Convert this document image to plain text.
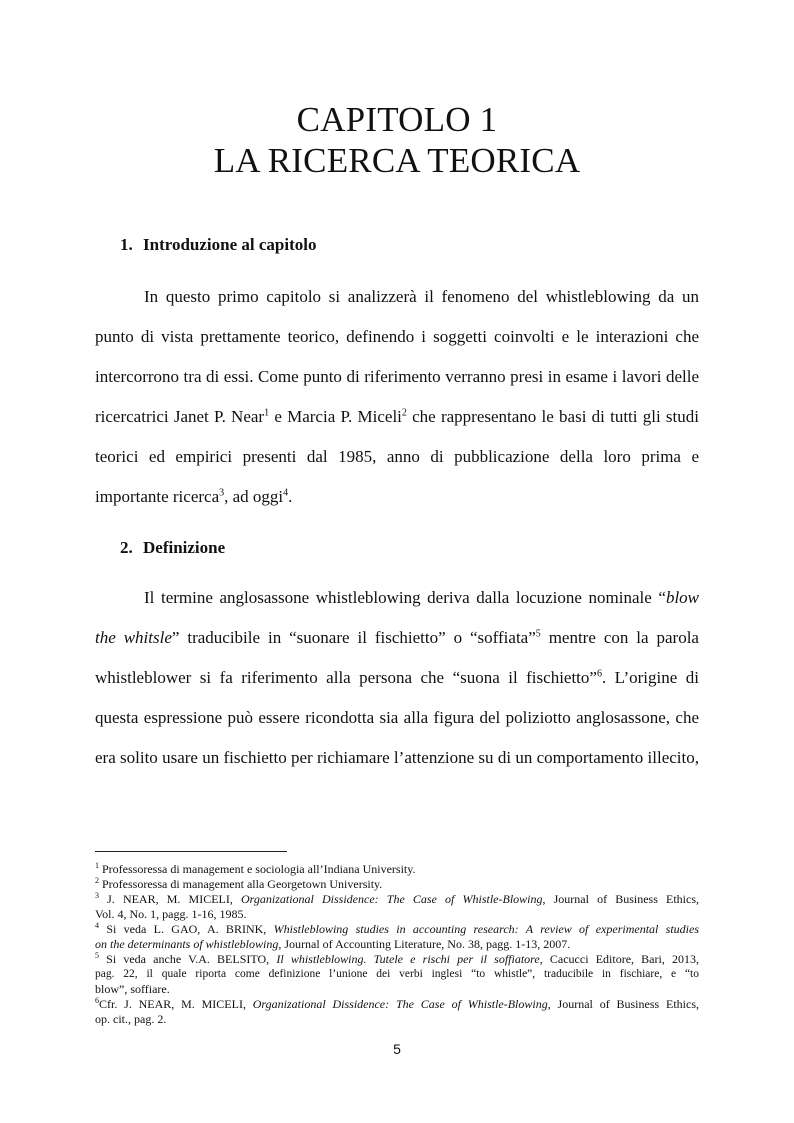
CAPITOLO 1
LA RICERCA TEORICA
1. Introduzione al capitolo
In questo primo capitolo si analizzerà il fenomeno del whistleblowing da un
punto di vista prettamente teorico, definendo i soggetti coinvolti e le interazioni che
intercorrono tra di essi. Come punto di riferimento verranno presi in esame i lavori delle
ricercatrici Janet P. Near$^1$ e Marcia P. Miceli$^2$ che rappresentano le basi di tutti gli studi
teorici ed empirici presenti dal 1985, anno di pubblicazione della loro prima e
importante ricerca$^3$, ad oggi$^4$.
2. Definizione
Il termine anglosassone whistleblowing deriva dalla locuzione nominale “blow
the whitsle” traducibile in “suonare il fischietto” o “soffiata”$^5$ mentre con la parola
whistleblower si fa riferimento alla persona che “suona il fischietto”$^6$. L’origine di
questa espressione può essere ricondotta sia alla figura del poliziotto anglosassone, che
era solito usare un fischietto per richiamare l’attenzione su di un comportamento illecito,
$^1$ Professoressa di management e sociologia all’Indiana University.
$^2$ Professoressa di management alla Georgetown University.
$^3$ J. NEAR, M. MICELI, Organizational Dissidence: The Case of Whistle-Blowing, Journal of Business Ethics,
Vol. 4, No. 1, pagg. 1-16, 1985.
$^4$ Si veda L. GAO, A. BRINK, Whistleblowing studies in accounting research: A review of experimental studies
on the determinants of whistleblowing, Journal of Accounting Literature, No. 38, pagg. 1-13, 2007.
$^5$ Si veda anche V.A. BELSITO, Il whistleblowing. Tutele e rischi per il soffiatore, Cacucci Editore, Bari, 2013,
pag. 22, il quale riporta come definizione l’unione dei verbi inglesi “to whistle”, traducibile in fischiare, e “to
blow”, soffiare.
$^6$Cfr. J. NEAR, M. MICELI, Organizational Dissidence: The Case of Whistle-Blowing, Journal of Business Ethics,
op. cit., pag. 2.
5
